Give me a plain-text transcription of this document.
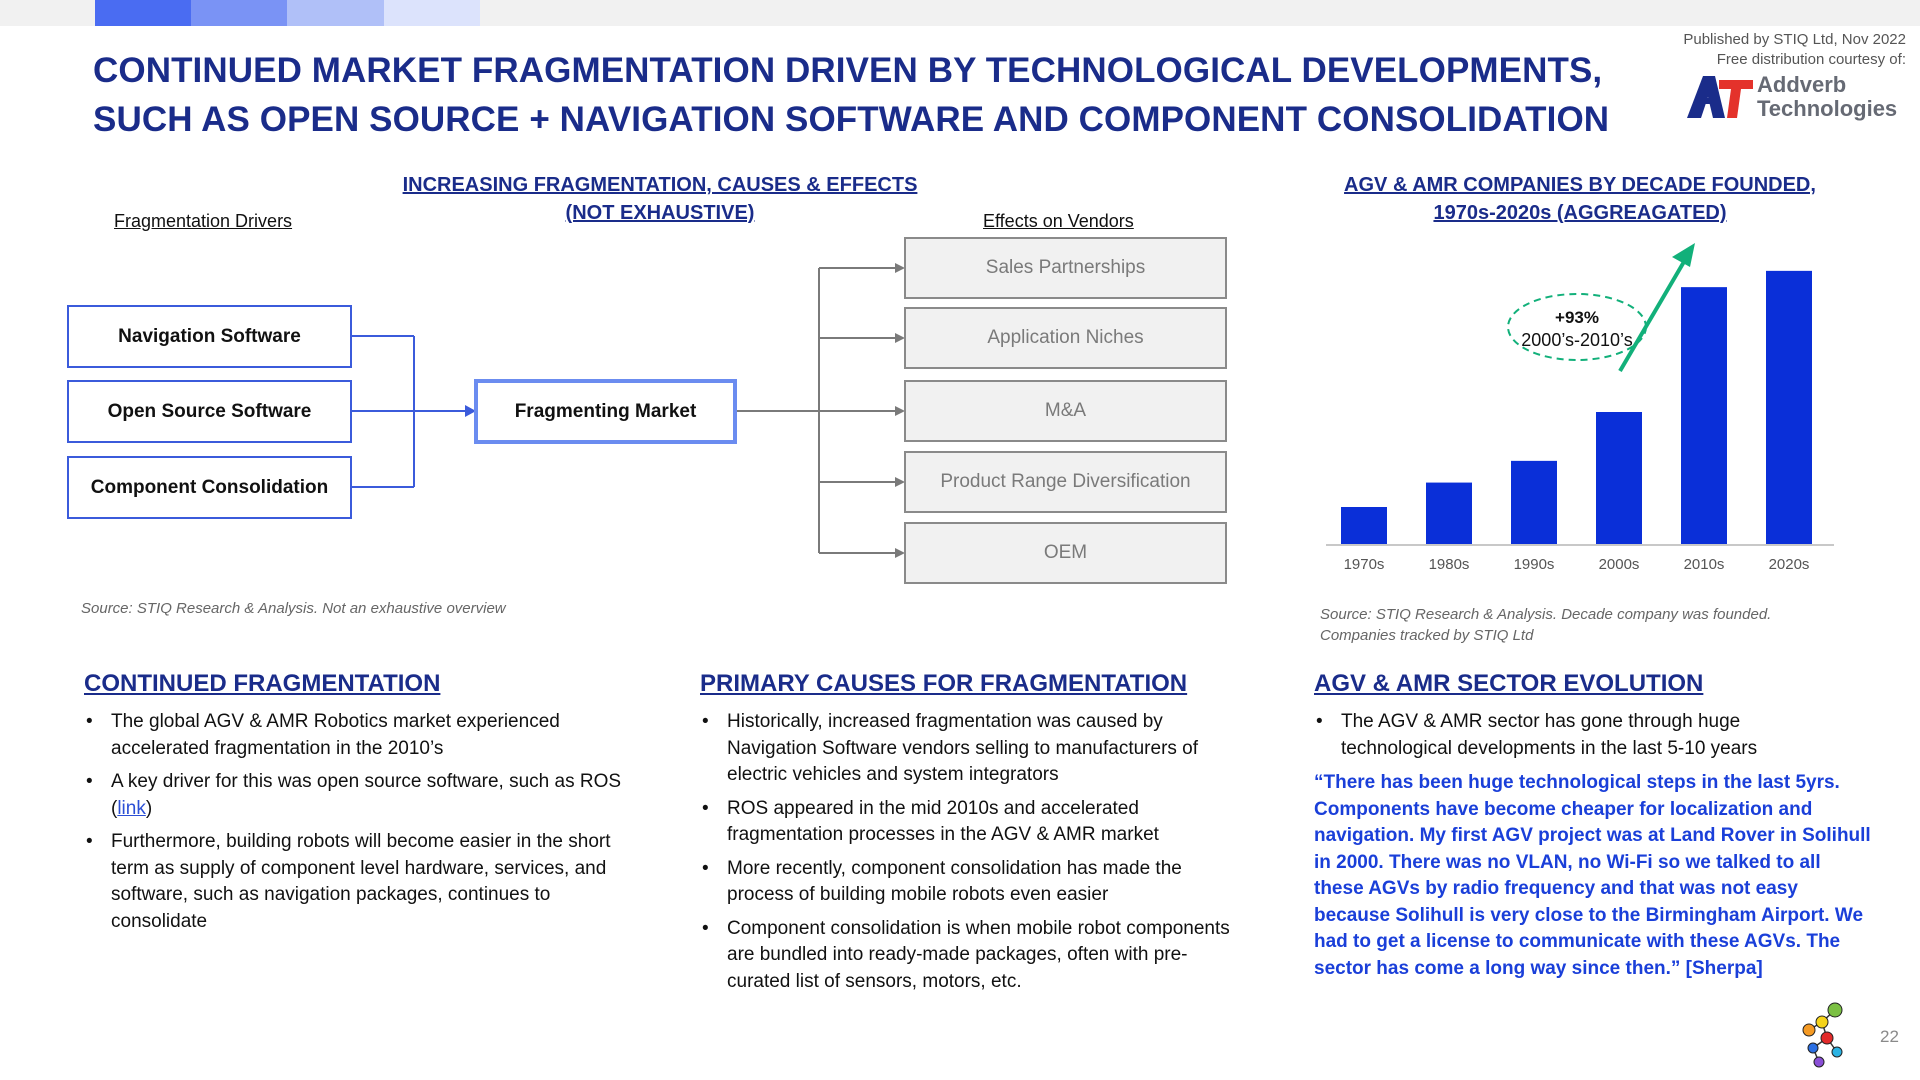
CONTINUED MARKET FRAGMENTATION DRIVEN BY TECHNOLOGICAL DEVELOPMENTS,
SUCH AS OPEN SOURCE + NAVIGATION SOFTWARE AND COMPONENT CONSOLIDATION
Published by STIQ Ltd, Nov 2022
Free distribution courtesy of:
Addverb
Technologies
INCREASING FRAGMENTATION, CAUSES & EFFECTS
(NOT EXHAUSTIVE)
Fragmentation Drivers	Effects on Vendors
Navigation Software
Open Source Software
Component Consolidation
Fragmenting Market
Sales Partnerships
Application Niches
M&A
Product Range Diversification
OEM
Source: STIQ Research & Analysis. Not an exhaustive overview
AGV & AMR COMPANIES BY DECADE FOUNDED,
1970s-2020s (AGGREAGATED)
1970s	1980s	1990s	2000s	2010s	2020s
+93%
2000’s-2010’s
Source: STIQ Research & Analysis. Decade company was founded.
Companies tracked by STIQ Ltd
CONTINUED FRAGMENTATION
• The global AGV & AMR Robotics market experienced accelerated fragmentation in the 2010’s
• A key driver for this was open source software, such as ROS (link)
• Furthermore, building robots will become easier in the short term as supply of component level hardware, services, and software, such as navigation packages, continues to consolidate
PRIMARY CAUSES FOR FRAGMENTATION
• Historically, increased fragmentation was caused by Navigation Software vendors selling to manufacturers of electric vehicles and system integrators
• ROS appeared in the mid 2010s and accelerated fragmentation processes in the AGV & AMR market
• More recently, component consolidation has made the process of building mobile robots even easier
• Component consolidation is when mobile robot components are bundled into ready-made packages, often with pre-curated list of sensors, motors, etc.
AGV & AMR SECTOR EVOLUTION
• The AGV & AMR sector has gone through huge technological developments in the last 5-10 years
“There has been huge technological steps in the last 5yrs. Components have become cheaper for localization and navigation. My first AGV project was at Land Rover in Solihull in 2000. There was no VLAN, no Wi-Fi so we talked to all these AGVs by radio frequency and that was not easy because Solihull is very close to the Birmingham Airport. We had to get a license to communicate with these AGVs. The sector has come a long way since then.” [Sherpa]
22
